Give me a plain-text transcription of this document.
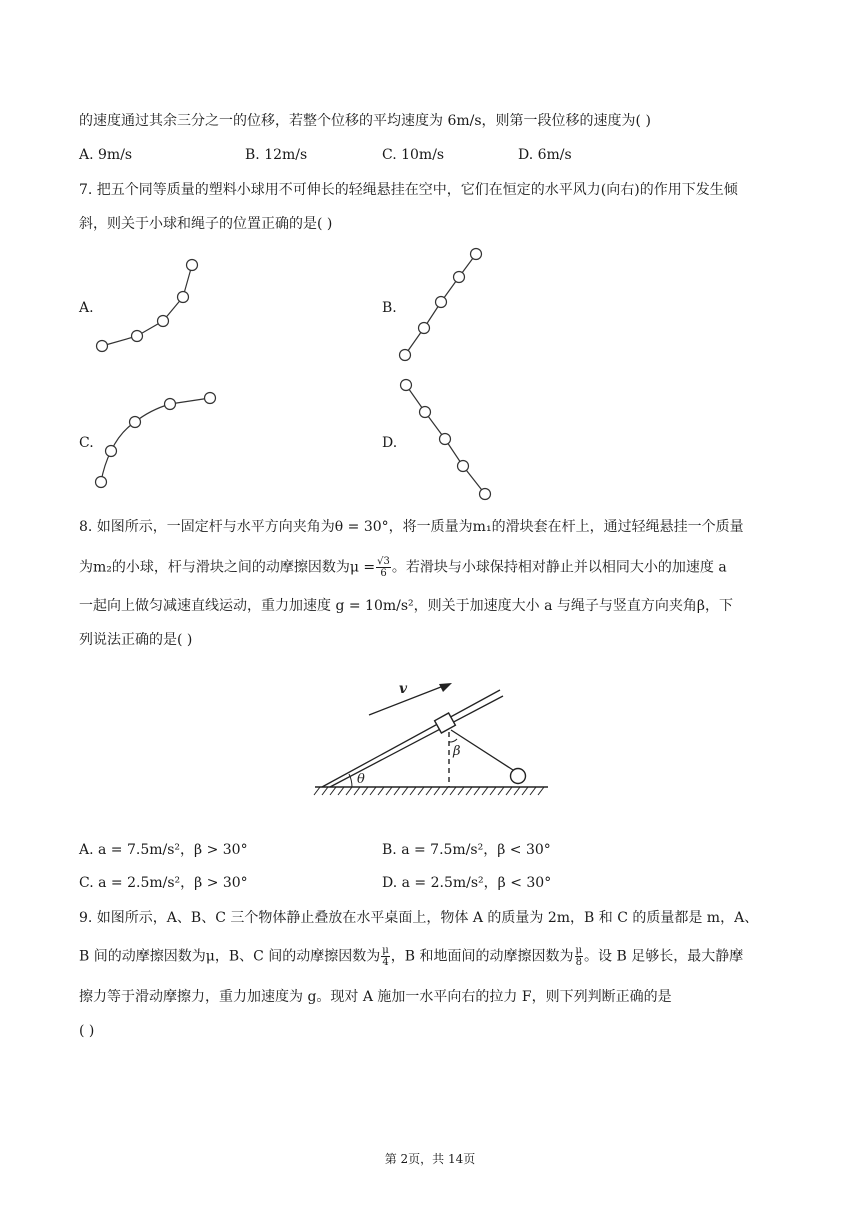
的速度通过其余三分之一的位移，若整个位移的平均速度为 6m/s，则第一段位移的速度为( )
A. 9m/s	B. 12m/s	C. 10m/s	D. 6m/s
7. 把五个同等质量的塑料小球用不可伸长的轻绳悬挂在空中，它们在恒定的水平风力(向右)的作用下发生倾
斜，则关于小球和绳子的位置正确的是( )
A.	B.
C.	D.
8. 如图所示，一固定杆与水平方向夹角为θ = 30°，将一质量为m₁的滑块套在杆上，通过轻绳悬挂一个质量
为m₂的小球，杆与滑块之间的动摩擦因数为$\mu = \frac{√3}{6}$ 。若滑块与小球保持相对静止并以相同大小的加速度 a
一起向上做匀减速直线运动，重力加速度 g = 10m/s²，则关于加速度大小 a 与绳子与竖直方向夹角β，下
列说法正确的是( )
θ
β
v
A. a = 7.5m/s²，β > 30°	B. a = 7.5m/s²，β < 30°
C. a = 2.5m/s²，β > 30°	D. a = 2.5m/s²，β < 30°
9. 如图所示，A、B、C 三个物体静止叠放在水平桌面上，物体 A 的质量为 2m，B 和 C 的质量都是 m，A、
B 间的动摩擦因数为μ，B、C 间的动摩擦因数为 $\frac{\mu}{4}$ ，B 和地面间的动摩擦因数为 $\frac{\mu}{8}$ 。设 B 足够长，最大静摩
擦力等于滑动摩擦力，重力加速度为 g。现对 A 施加一水平向右的拉力 F，则下列判断正确的是
( )
第 2页，共 14页
